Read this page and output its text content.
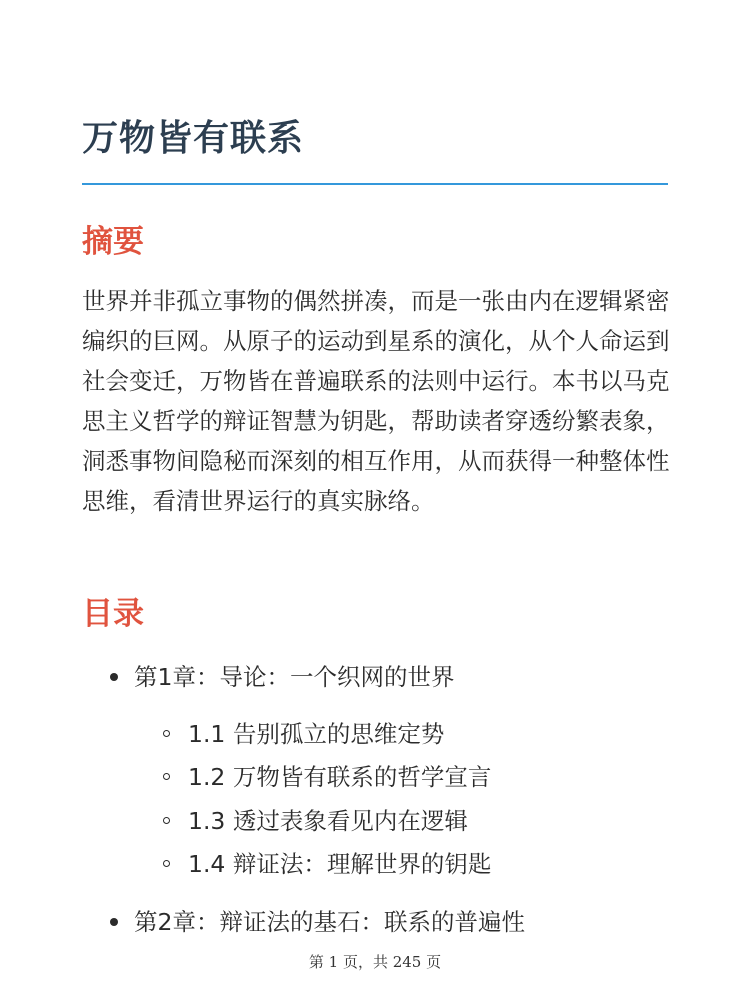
万物皆有联系
摘要

世界并非孤立事物的偶然拼凑，而是一张由内在逻辑紧密编织的巨网。从原子的运动到星系的演化，从个人命运到社会变迁，万物皆在普遍联系的法则中运行。本书以马克思主义哲学的辩证智慧为钥匙，帮助读者穿透纷繁表象，洞悉事物间隐秘而深刻的相互作用，从而获得一种整体性思维，看清世界运行的真实脉络。

目录
第1章：导论：一个织网的世界
1.1 告别孤立的思维定势
1.2 万物皆有联系的哲学宣言
1.3 透过表象看见内在逻辑
1.4 辩证法：理解世界的钥匙
第2章：辩证法的基石：联系的普遍性
第 1 页，共 245 页
